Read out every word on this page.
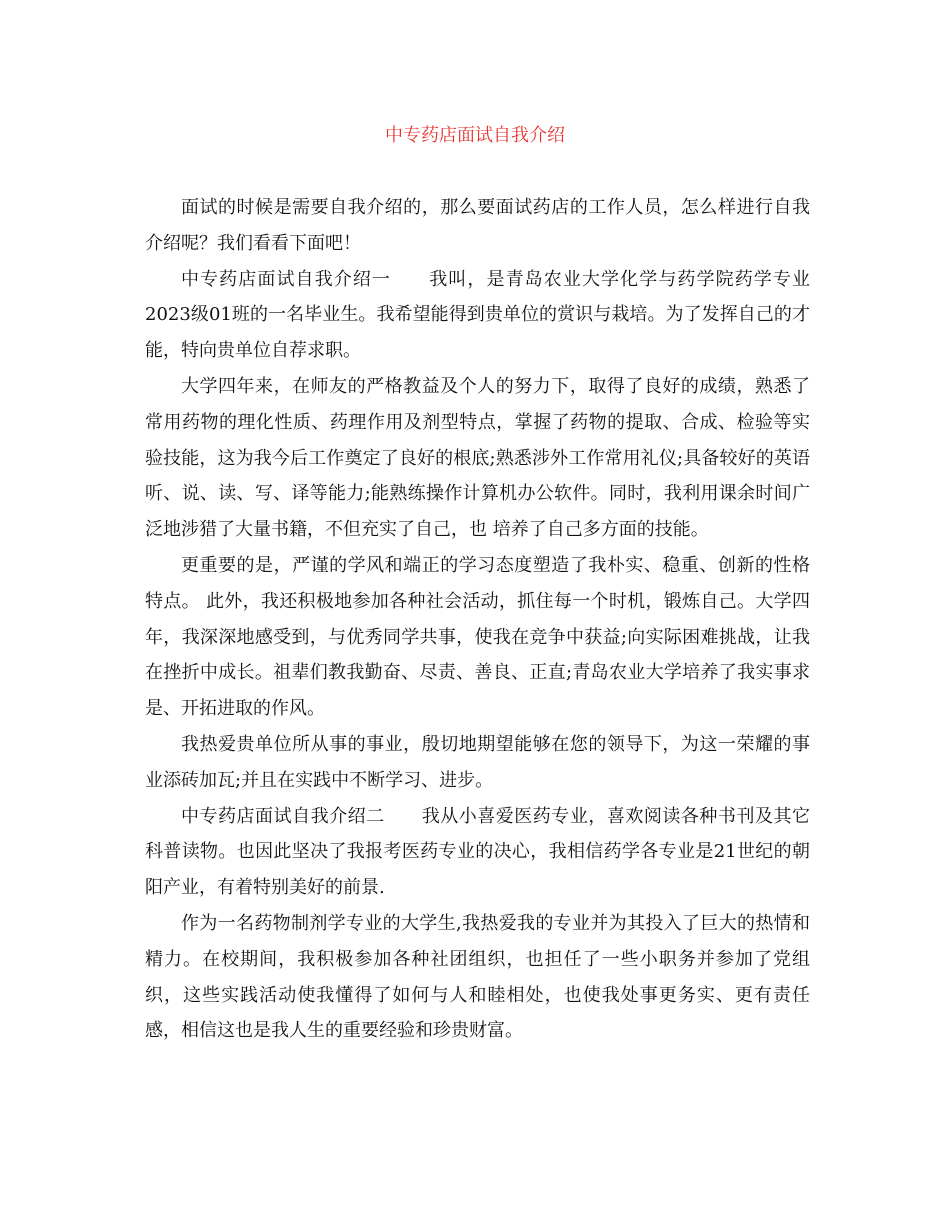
中专药店面试自我介绍

面试的时候是需要自我介绍的，那么要面试药店的工作人员，怎么样进行自我介绍呢？我们看看下面吧！

中专药店面试自我介绍一　　我叫，是青岛农业大学化学与药学院药学专业2023级01班的一名毕业生。我希望能得到贵单位的赏识与栽培。为了发挥自己的才能，特向贵单位自荐求职。

大学四年来，在师友的严格教益及个人的努力下，取得了良好的成绩，熟悉了常用药物的理化性质、药理作用及剂型特点，掌握了药物的提取、合成、检验等实验技能，这为我今后工作奠定了良好的根底;熟悉涉外工作常用礼仪;具备较好的英语听、说、读、写、译等能力;能熟练操作计算机办公软件。同时，我利用课余时间广泛地涉猎了大量书籍，不但充实了自己，也 培养了自己多方面的技能。

更重要的是，严谨的学风和端正的学习态度塑造了我朴实、稳重、创新的性格特点。 此外，我还积极地参加各种社会活动，抓住每一个时机，锻炼自己。大学四年，我深深地感受到，与优秀同学共事，使我在竞争中获益;向实际困难挑战，让我在挫折中成长。祖辈们教我勤奋、尽责、善良、正直;青岛农业大学培养了我实事求是、开拓进取的作风。

我热爱贵单位所从事的事业，殷切地期望能够在您的领导下，为这一荣耀的事业添砖加瓦;并且在实践中不断学习、进步。

中专药店面试自我介绍二　　我从小喜爱医药专业，喜欢阅读各种书刊及其它科普读物。也因此坚决了我报考医药专业的决心，我相信药学各专业是21世纪的朝阳产业，有着特别美好的前景.

作为一名药物制剂学专业的大学生,我热爱我的专业并为其投入了巨大的热情和精力。在校期间，我积极参加各种社团组织，也担任了一些小职务并参加了党组织，这些实践活动使我懂得了如何与人和睦相处，也使我处事更务实、更有责任感，相信这也是我人生的重要经验和珍贵财富。
